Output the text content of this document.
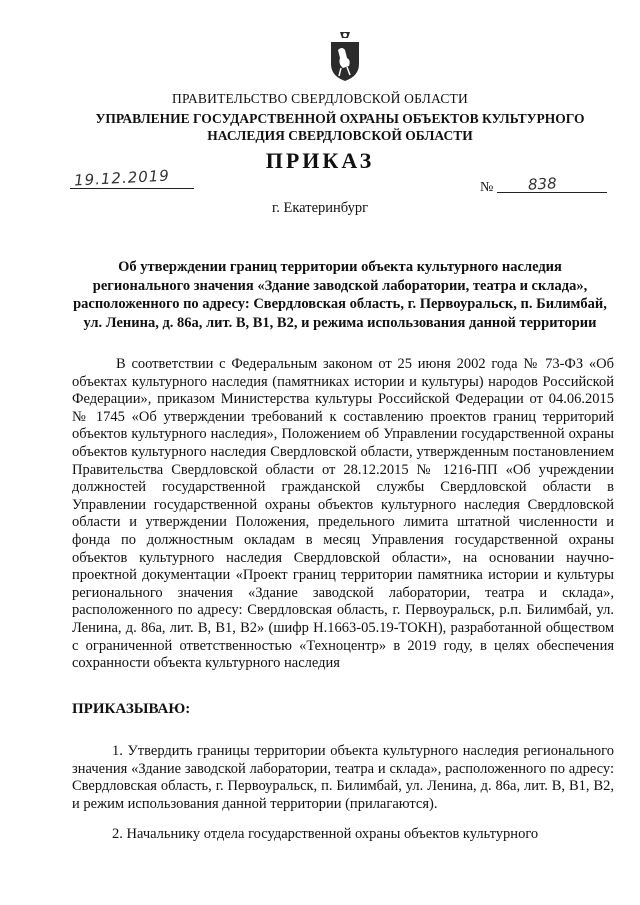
ПРАВИТЕЛЬСТВО СВЕРДЛОВСКОЙ ОБЛАСТИ
УПРАВЛЕНИЕ ГОСУДАРСТВЕННОЙ ОХРАНЫ ОБЪЕКТОВ КУЛЬТУРНОГО НАСЛЕДИЯ СВЕРДЛОВСКОЙ ОБЛАСТИ
ПРИКАЗ
19.12.2019	№ 838
г. Екатеринбург
Об утверждении границ территории объекта культурного наследия регионального значения «Здание заводской лаборатории, театра и склада», расположенного по адресу: Свердловская область, г. Первоуральск, п. Билимбай, ул. Ленина, д. 86а, лит. В, В1, В2, и режима использования данной территории
В соответствии с Федеральным законом от 25 июня 2002 года № 73-ФЗ «Об объектах культурного наследия (памятниках истории и культуры) народов Российской Федерации», приказом Министерства культуры Российской Федерации от 04.06.2015 № 1745 «Об утверждении требований к составлению проектов границ территорий объектов культурного наследия», Положением об Управлении государственной охраны объектов культурного наследия Свердловской области, утвержденным постановлением Правительства Свердловской области от 28.12.2015 № 1216-ПП «Об учреждении должностей государственной гражданской службы Свердловской области в Управлении государственной охраны объектов культурного наследия Свердловской области и утверждении Положения, предельного лимита штатной численности и фонда по должностным окладам в месяц Управления государственной охраны объектов культурного наследия Свердловской области», на основании научно-проектной документации «Проект границ территории памятника истории и культуры регионального значения «Здание заводской лаборатории, театра и склада», расположенного по адресу: Свердловская область, г. Первоуральск, р.п. Билимбай, ул. Ленина, д. 86а, лит. В, В1, В2» (шифр Н.1663-05.19-ТОКН), разработанной обществом с ограниченной ответственностью «Техноцентр» в 2019 году, в целях обеспечения сохранности объекта культурного наследия
ПРИКАЗЫВАЮ:
1. Утвердить границы территории объекта культурного наследия регионального значения «Здание заводской лаборатории, театра и склада», расположенного по адресу: Свердловская область, г. Первоуральск, п. Билимбай, ул. Ленина, д. 86а, лит. В, В1, В2, и режим использования данной территории (прилагаются).
2. Начальнику отдела государственной охраны объектов культурного
